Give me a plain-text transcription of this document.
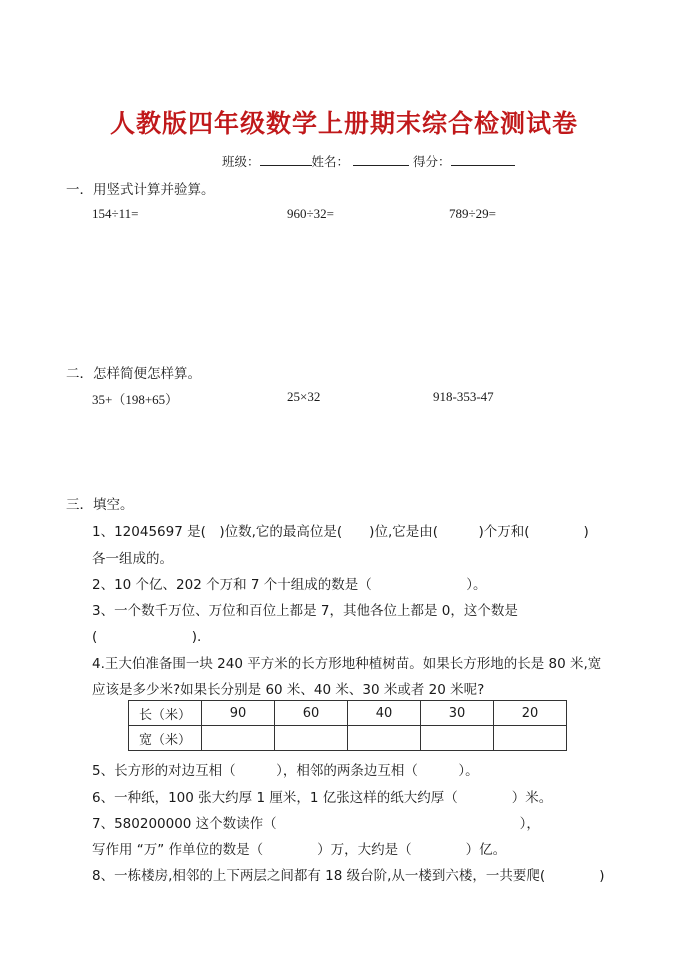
人教版四年级数学上册期末综合检测试卷
班级：	姓名：	得分：
一．用竖式计算并验算。
154÷11=	960÷32=	789÷29=
二．怎样简便怎样算。
35+（198+65）	25×32	918-353-47
三．填空。
1、12045697 是(　)位数,它的最高位是(　　)位,它是由(　　　)个万和(　　　　)
各一组成的。
2、10 个亿、202 个万和 7 个十组成的数是（　　　　　　　）。
3、一个数千万位、万位和百位上都是 7，其他各位上都是 0，这个数是
(　　　　　　　).
4.王大伯准备围一块 240 平方米的长方形地种植树苗。如果长方形地的长是 80 米,宽
应该是多少米?如果长分别是 60 米、40 米、30 米或者 20 米呢?
长（米）	90	60	40	30	20
宽（米）					
5、长方形的对边互相（　　　），相邻的两条边互相（　　　）。
6、一种纸，100 张大约厚 1 厘米，1 亿张这样的纸大约厚（　　　　）米。
7、580200000 这个数读作（　　　　　　　　　　　　　　　　　　），
写作用 “万” 作单位的数是（　　　　）万，大约是（　　　　）亿。
8、一栋楼房,相邻的上下两层之间都有 18 级台阶,从一楼到六楼，一共要爬(　　　　)
